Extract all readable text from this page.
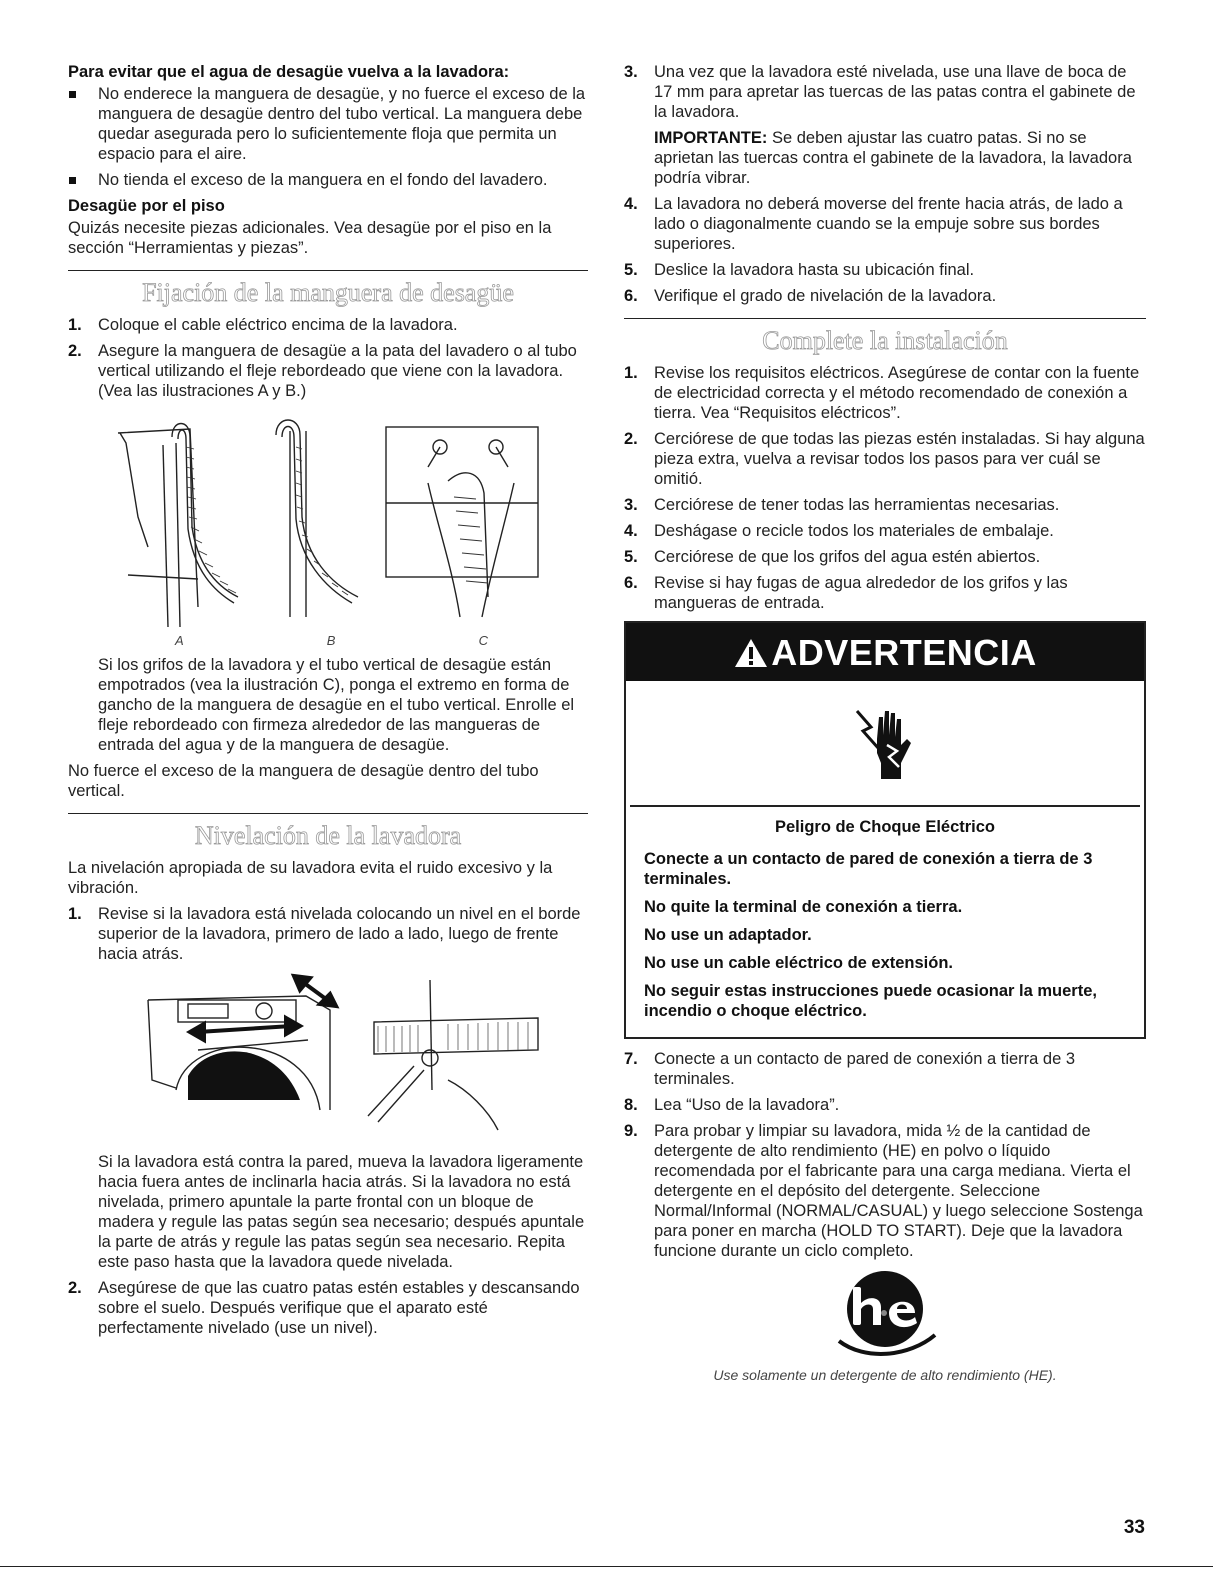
Para evitar que el agua de desagüe vuelva a la lavadora:
No enderece la manguera de desagüe, y no fuerce el exceso de la manguera de desagüe dentro del tubo vertical. La manguera debe quedar asegurada pero lo suficientemente floja que permita un espacio para el aire.
No tienda el exceso de la manguera en el fondo del lavadero.
Desagüe por el piso

Quizás necesite piezas adicionales. Vea desagüe por el piso en la sección “Herramientas y piezas”.

Fijación de la manguera de desagüe
1. Coloque el cable eléctrico encima de la lavadora.
2. Asegure la manguera de desagüe a la pata del lavadero o al tubo vertical utilizando el fleje rebordeado que viene con la lavadora. (Vea las ilustraciones A y B.)
A	B	C

Si los grifos de la lavadora y el tubo vertical de desagüe están empotrados (vea la ilustración C), ponga el extremo en forma de gancho de la manguera de desagüe en el tubo vertical. Enrolle el fleje rebordeado con firmeza alrededor de las mangueras de entrada del agua y de la manguera de desagüe.

No fuerce el exceso de la manguera de desagüe dentro del tubo vertical.

Nivelación de la lavadora

La nivelación apropiada de su lavadora evita el ruido excesivo y la vibración.

1. Revise si la lavadora está nivelada colocando un nivel en el borde superior de la lavadora, primero de lado a lado, luego de frente hacia atrás.

Si la lavadora está contra la pared, mueva la lavadora ligeramente hacia fuera antes de inclinarla hacia atrás. Si la lavadora no está nivelada, primero apuntale la parte frontal con un bloque de madera y regule las patas según sea necesario; después apuntale la parte de atrás y regule las patas según sea necesario. Repita este paso hasta que la lavadora quede nivelada.

2. Asegúrese de que las cuatro patas estén estables y descansando sobre el suelo. Después verifique que el aparato esté perfectamente nivelado (use un nivel).
3. Una vez que la lavadora esté nivelada, use una llave de boca de 17 mm para apretar las tuercas de las patas contra el gabinete de la lavadora.

IMPORTANTE: Se deben ajustar las cuatro patas. Si no se aprietan las tuercas contra el gabinete de la lavadora, la lavadora podría vibrar.

4. La lavadora no deberá moverse del frente hacia atrás, de lado a lado o diagonalmente cuando se la empuje sobre sus bordes superiores.
5. Deslice la lavadora hasta su ubicación final.
6. Verifique el grado de nivelación de la lavadora.
Complete la instalación
1. Revise los requisitos eléctricos. Asegúrese de contar con la fuente de electricidad correcta y el método recomendado de conexión a tierra. Vea “Requisitos eléctricos”.
2. Cerciórese de que todas las piezas estén instaladas. Si hay alguna pieza extra, vuelva a revisar todos los pasos para ver cuál se omitió.
3. Cerciórese de tener todas las herramientas necesarias.
4. Deshágase o recicle todos los materiales de embalaje.
5. Cerciórese de que los grifos del agua estén abiertos.
6. Revise si hay fugas de agua alrededor de los grifos y las mangueras de entrada.
ADVERTENCIA

Peligro de Choque Eléctrico

Conecte a un contacto de pared de conexión a tierra de 3 terminales.

No quite la terminal de conexión a tierra.

No use un adaptador.

No use un cable eléctrico de extensión.

No seguir estas instrucciones puede ocasionar la muerte, incendio o choque eléctrico.

7. Conecte a un contacto de pared de conexión a tierra de 3 terminales.
8. Lea “Uso de la lavadora”.
9. Para probar y limpiar su lavadora, mida ½ de la cantidad de detergente de alto rendimiento (HE) en polvo o líquido recomendada por el fabricante para una carga mediana. Vierta el detergente en el depósito del detergente. Seleccione Normal/Informal (NORMAL/CASUAL) y luego seleccione Sostenga para poner en marcha (HOLD TO START). Deje que la lavadora funcione durante un ciclo completo.
Use solamente un detergente de alto rendimiento (HE).
33
